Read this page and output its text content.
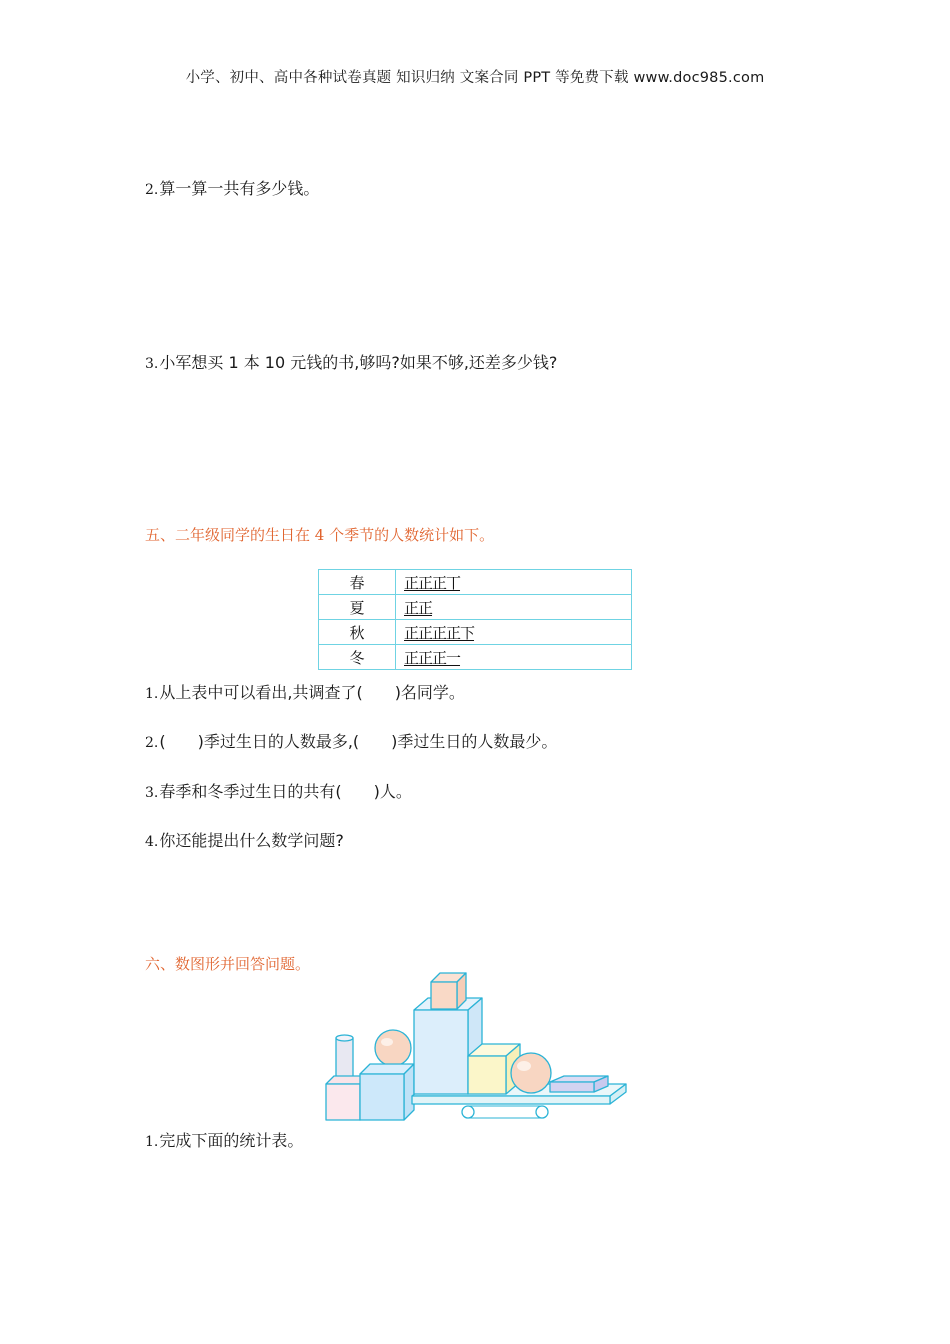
小学、初中、高中各种试卷真题 知识归纳 文案合同 PPT 等免费下载 www.doc985.com
2.算一算一共有多少钱。
3.小军想买 1 本 10 元钱的书,够吗?如果不够,还差多少钱?
五、二年级同学的生日在 4 个季节的人数统计如下。
春	正正正丅
夏	正正
秋	正正正正下
冬	正正正一
1.从上表中可以看出,共调查了(　　)名同学。
2.(　　)季过生日的人数最多,(　　)季过生日的人数最少。
3.春季和冬季过生日的共有(　　)人。
4.你还能提出什么数学问题?
六、数图形并回答问题。
1.完成下面的统计表。
